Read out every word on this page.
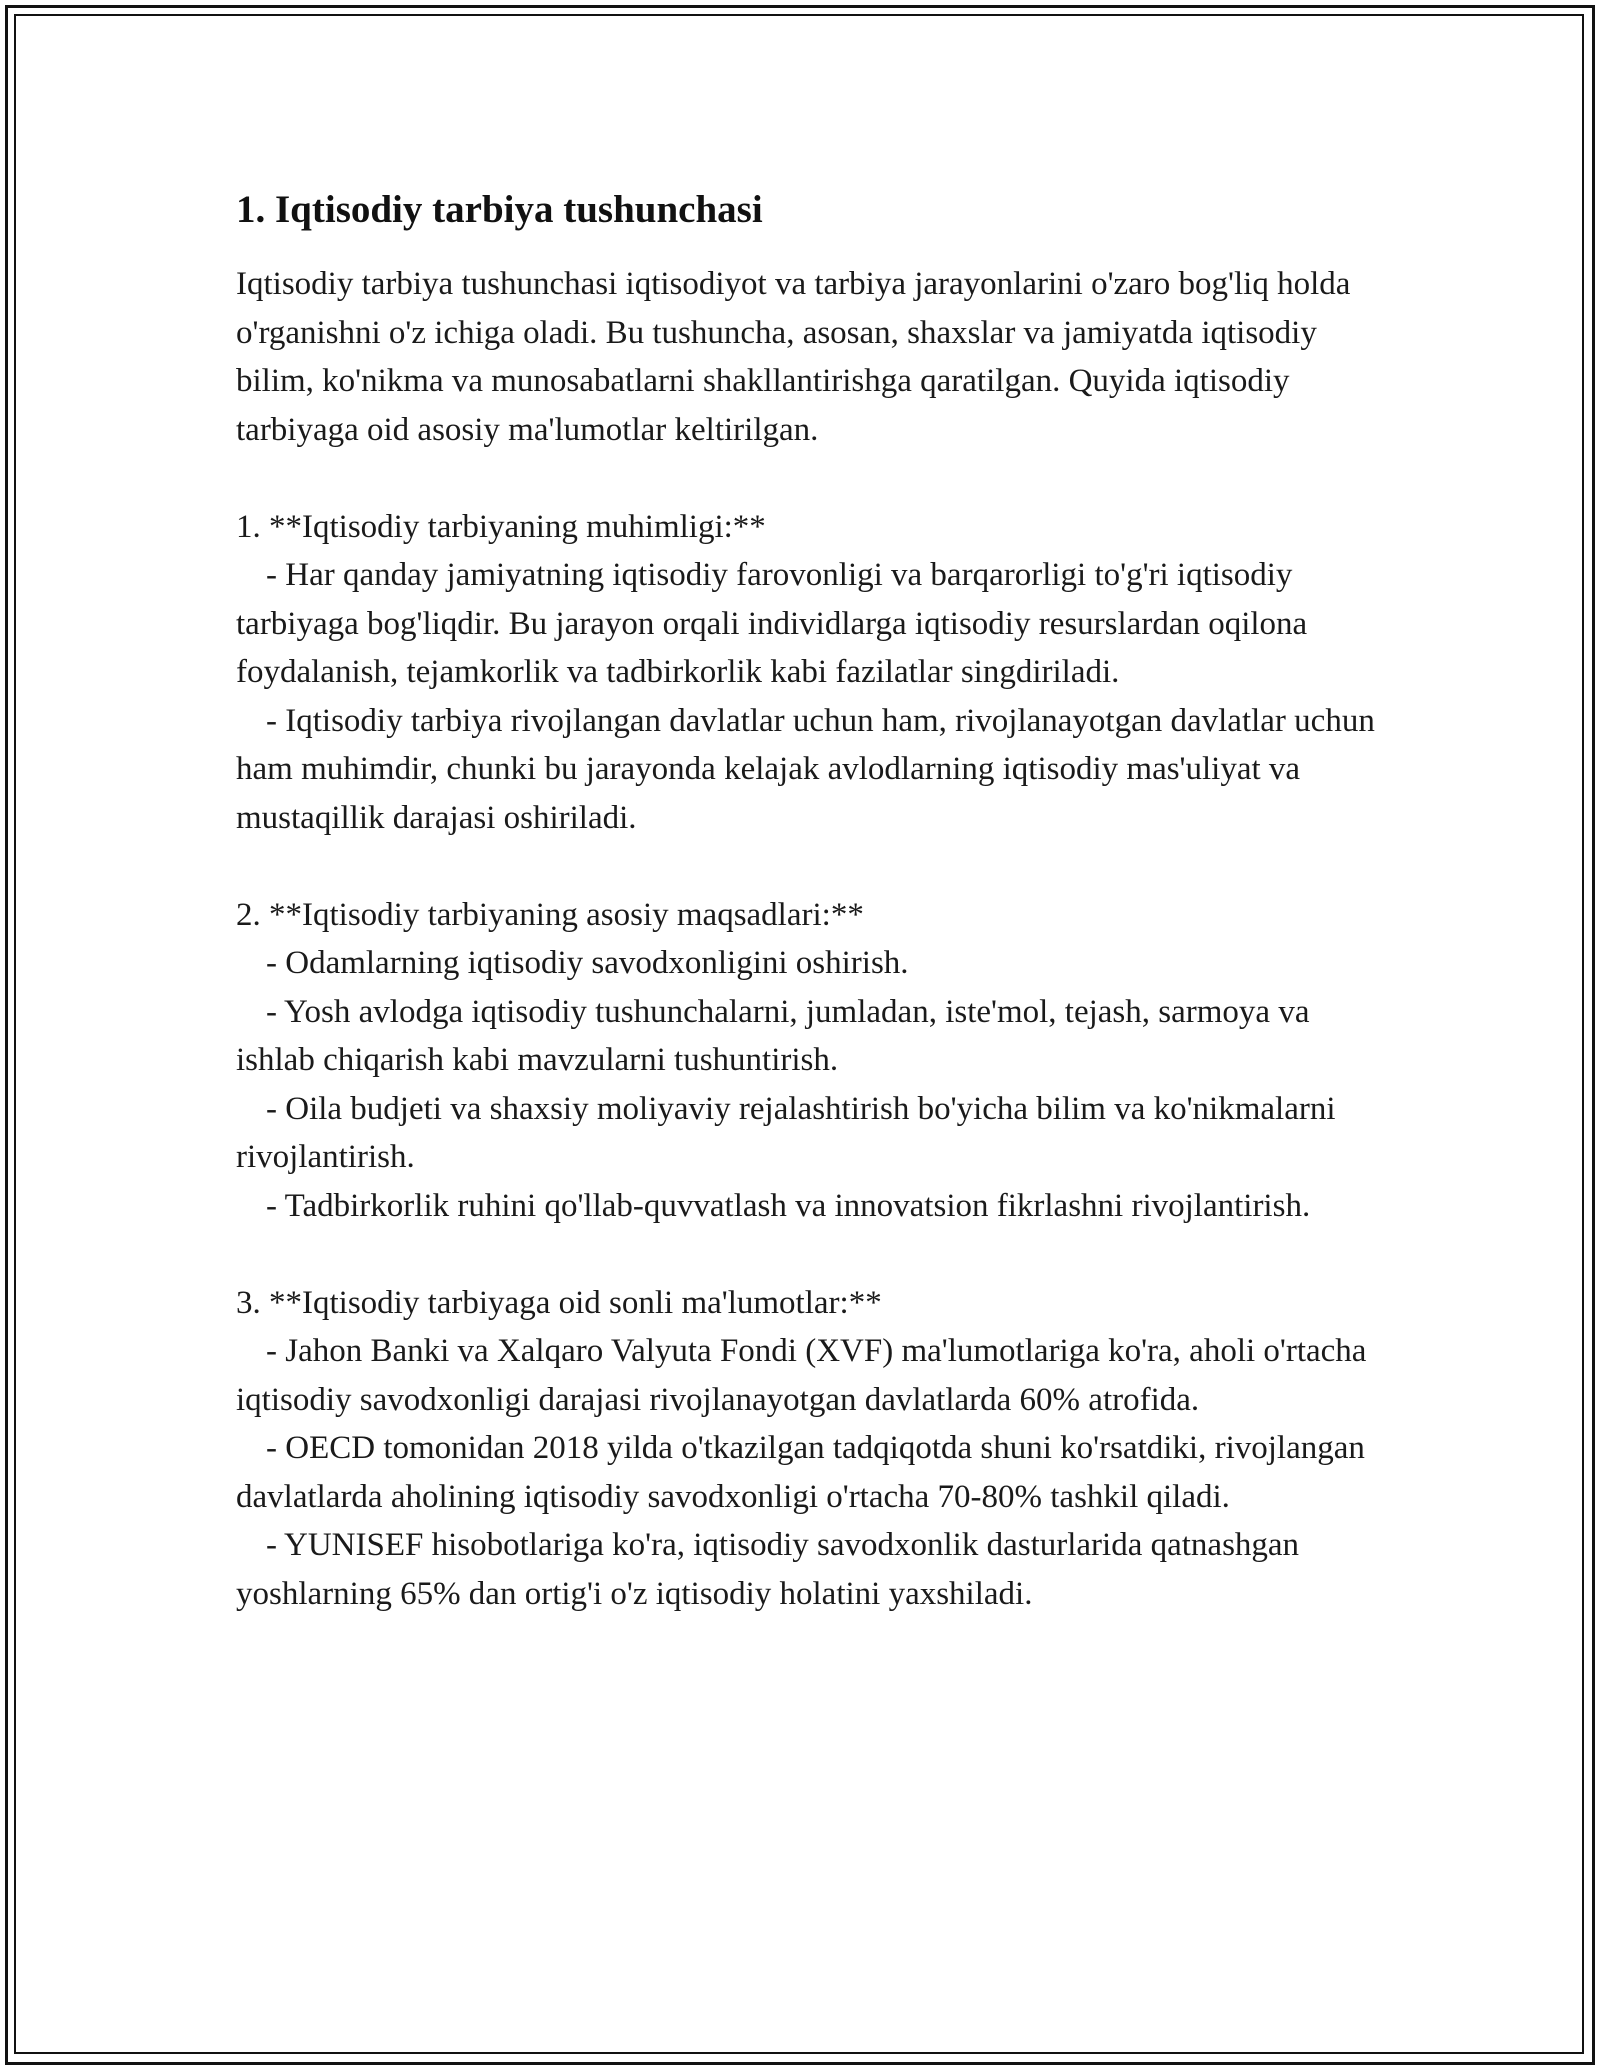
1. Iqtisodiy tarbiya tushunchasi

Iqtisodiy tarbiya tushunchasi iqtisodiyot va tarbiya jarayonlarini o'zaro bog'liq holda o'rganishni o'z ichiga oladi. Bu tushuncha, asosan, shaxslar va jamiyatda iqtisodiy bilim, ko'nikma va munosabatlarni shakllantirishga qaratilgan. Quyida iqtisodiy tarbiyaga oid asosiy ma'lumotlar keltirilgan.

1. **Iqtisodiy tarbiyaning muhimligi:**

- Har qanday jamiyatning iqtisodiy farovonligi va barqarorligi to'g'ri iqtisodiy tarbiyaga bog'liqdir. Bu jarayon orqali individlarga iqtisodiy resurslardan oqilona foydalanish, tejamkorlik va tadbirkorlik kabi fazilatlar singdiriladi.

- Iqtisodiy tarbiya rivojlangan davlatlar uchun ham, rivojlanayotgan davlatlar uchun ham muhimdir, chunki bu jarayonda kelajak avlodlarning iqtisodiy mas'uliyat va mustaqillik darajasi oshiriladi.

2. **Iqtisodiy tarbiyaning asosiy maqsadlari:**

- Odamlarning iqtisodiy savodxonligini oshirish.

- Yosh avlodga iqtisodiy tushunchalarni, jumladan, iste'mol, tejash, sarmoya va ishlab chiqarish kabi mavzularni tushuntirish.

- Oila budjeti va shaxsiy moliyaviy rejalashtirish bo'yicha bilim va ko'nikmalarni rivojlantirish.

- Tadbirkorlik ruhini qo'llab-quvvatlash va innovatsion fikrlashni rivojlantirish.

3. **Iqtisodiy tarbiyaga oid sonli ma'lumotlar:**

- Jahon Banki va Xalqaro Valyuta Fondi (XVF) ma'lumotlariga ko'ra, aholi o'rtacha iqtisodiy savodxonligi darajasi rivojlanayotgan davlatlarda 60% atrofida.

- OECD tomonidan 2018 yilda o'tkazilgan tadqiqotda shuni ko'rsatdiki, rivojlangan davlatlarda aholining iqtisodiy savodxonligi o'rtacha 70-80% tashkil qiladi.

- YUNISEF hisobotlariga ko'ra, iqtisodiy savodxonlik dasturlarida qatnashgan yoshlarning 65% dan ortig'i o'z iqtisodiy holatini yaxshiladi.
